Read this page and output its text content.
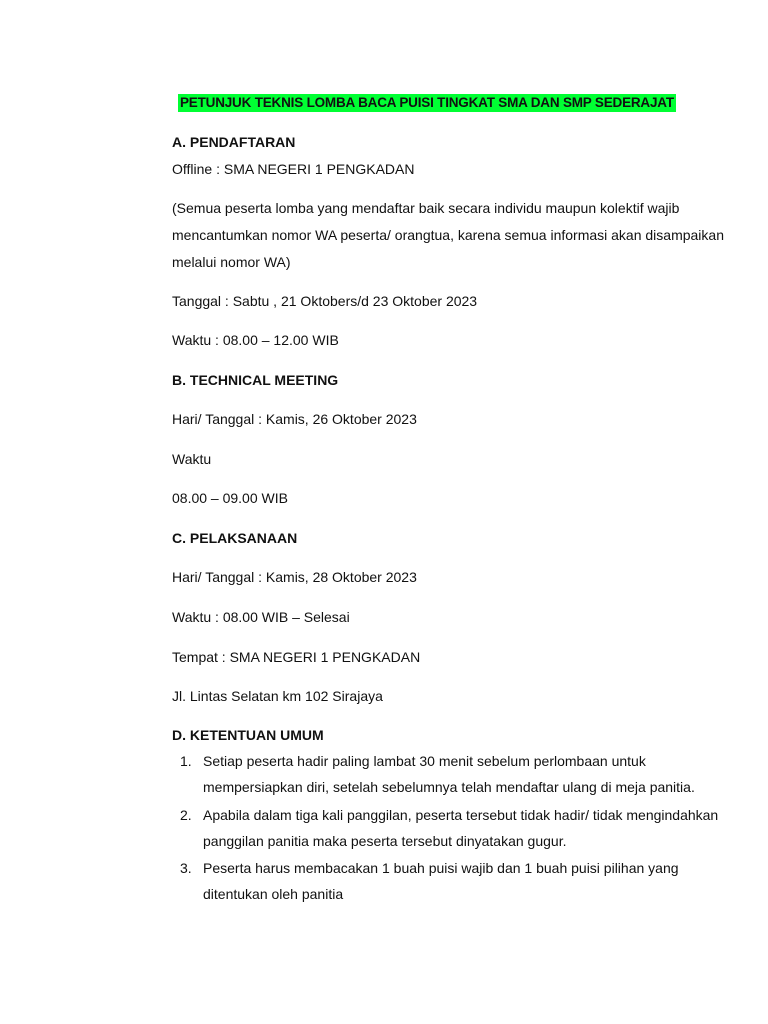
PETUNJUK TEKNIS LOMBA BACA PUISI TINGKAT SMA DAN SMP SEDERAJAT
A. PENDAFTARAN
Offline : SMA NEGERI 1 PENGKADAN
(Semua peserta lomba yang mendaftar baik secara individu maupun kolektif wajib
mencantumkan nomor WA peserta/ orangtua, karena semua informasi akan disampaikan
melalui nomor WA)
Tanggal : Sabtu , 21 Oktobers/d 23 Oktober 2023
Waktu : 08.00 – 12.00 WIB
B. TECHNICAL MEETING
Hari/ Tanggal : Kamis, 26 Oktober 2023
Waktu
08.00 – 09.00 WIB
C. PELAKSANAAN
Hari/ Tanggal : Kamis, 28 Oktober 2023
Waktu : 08.00 WIB – Selesai
Tempat : SMA NEGERI 1 PENGKADAN
Jl. Lintas Selatan km 102 Sirajaya
D. KETENTUAN UMUM
1. Setiap peserta hadir paling lambat 30 menit sebelum perlombaan untuk
mempersiapkan diri, setelah sebelumnya telah mendaftar ulang di meja panitia.
2. Apabila dalam tiga kali panggilan, peserta tersebut tidak hadir/ tidak mengindahkan
panggilan panitia maka peserta tersebut dinyatakan gugur.
3. Peserta harus membacakan 1 buah puisi wajib dan 1 buah puisi pilihan yang
ditentukan oleh panitia
